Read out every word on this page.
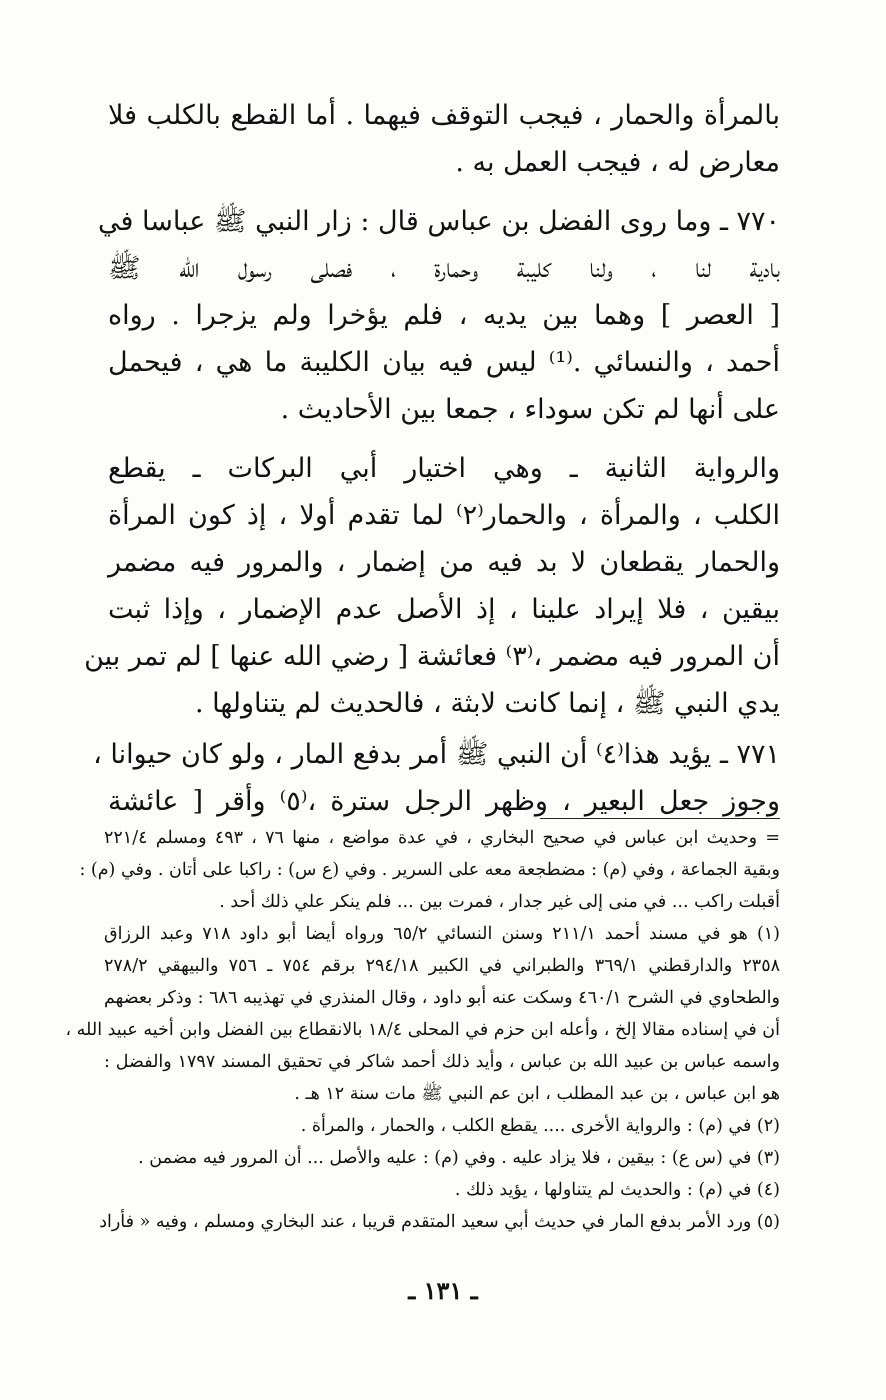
بالمرأة والحمار ، فيجب التوقف فيهما . أما القطع بالكلب فلا
معارض له ، فيجب العمل به .

٧٧٠ ـ وما روى الفضل بن عباس قال : زار النبي ﷺ عباسا في
بادية لنا ، ولنا كليبة وحمارة ، فصلى رسول الله ﷺ
[ العصر ] وهما بين يديه ، فلم يؤخرا ولم يزجرا . رواه
أحمد ، والنسائي .⁽¹⁾ ليس فيه بيان الكليبة ما هي ، فيحمل
على أنها لم تكن سوداء ، جمعا بين الأحاديث .

والرواية الثانية ـ وهي اختيار أبي البركات ـ يقطع
الكلب ، والمرأة ، والحمار⁽٢⁾ لما تقدم أولا ، إذ كون المرأة
والحمار يقطعان لا بد فيه من إضمار ، والمرور فيه مضمر
بيقين ، فلا إيراد علينا ، إذ الأصل عدم الإضمار ، وإذا ثبت
أن المرور فيه مضمر ،⁽٣⁾ فعائشة [ رضي الله عنها ] لم تمر بين
يدي النبي ﷺ ، إنما كانت لابثة ، فالحديث لم يتناولها .

٧٧١ ـ يؤيد هذا⁽٤⁾ أن النبي ﷺ أمر بدفع المار ، ولو كان حيوانا ،
وجوز جعل البعير ، وظهر الرجل سترة ،⁽٥⁾ وأقر [ عائشة

= وحديث ابن عباس في صحيح البخاري ، في عدة مواضع ، منها ٧٦ ، ٤٩٣ ومسلم ٢٢١/٤
وبقية الجماعة ، وفي (م) : مضطجعة معه على السرير . وفي (ع س) : راكبا على أتان . وفي (م) :
أقبلت راكب ... في منى إلى غير جدار ، فمرت بين ... فلم ينكر علي ذلك أحد .
(١) هو في مسند أحمد ٢١١/١ وسنن النسائي ٦٥/٢ ورواه أيضا أبو داود ٧١٨ وعبد الرزاق
٢٣٥٨ والدارقطني ٣٦٩/١ والطبراني في الكبير ٢٩٤/١٨ برقم ٧٥٤ ـ ٧٥٦ والبيهقي ٢٧٨/٢
والطحاوي في الشرح ٤٦٠/١ وسكت عنه أبو داود ، وقال المنذري في تهذيبه ٦٨٦ : وذكر بعضهم
أن في إسناده مقالا إلخ ، وأعله ابن حزم في المحلى ١٨/٤ بالانقطاع بين الفضل وابن أخيه عبيد الله ،
واسمه عباس بن عبيد الله بن عباس ، وأيد ذلك أحمد شاكر في تحقيق المسند ١٧٩٧ والفضل :
هو ابن عباس ، بن عبد المطلب ، ابن عم النبي ﷺ مات سنة ١٢ هـ .
(٢) في (م) : والرواية الأخرى .... يقطع الكلب ، والحمار ، والمرأة .
(٣) في (س ع) : بيقين ، فلا يزاد عليه . وفي (م) : عليه والأصل ... أن المرور فيه مضمن .
(٤) في (م) : والحديث لم يتناولها ، يؤيد ذلك .
(٥) ورد الأمر بدفع المار في حديث أبي سعيد المتقدم قريبا ، عند البخاري ومسلم ، وفيه « فأراد
ـ ١٣١ ـ
